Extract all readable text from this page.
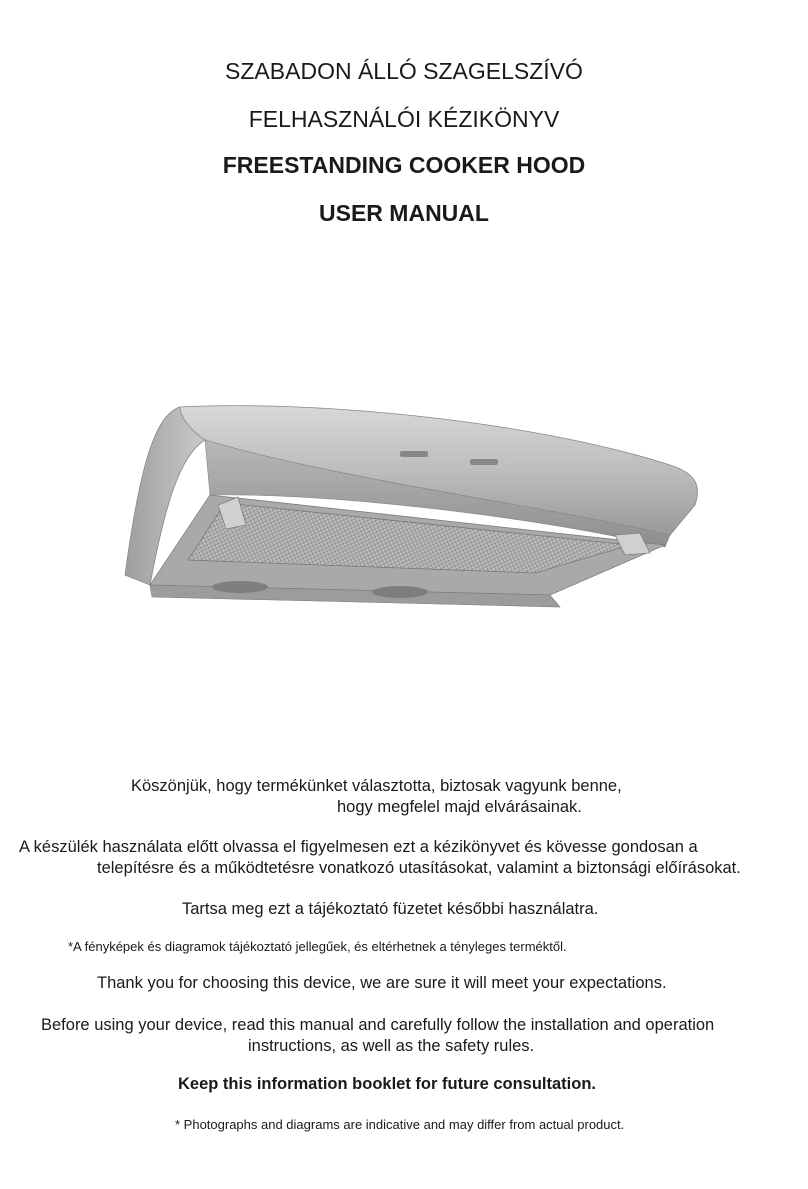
SZABADON ÁLLÓ SZAGELSZÍVÓ
FELHASZNÁLÓI KÉZIKÖNYV
FREESTANDING COOKER HOOD
USER MANUAL
Köszönjük, hogy termékünket választotta, biztosak vagyunk benne,
hogy megfelel majd elvárásainak.
A készülék használata előtt olvassa el figyelmesen ezt a kézikönyvet és kövesse gondosan a
telepítésre és a működtetésre vonatkozó utasításokat, valamint a biztonsági előírásokat.
Tartsa meg ezt a tájékoztató füzetet későbbi használatra.
*A fényképek és diagramok tájékoztató jellegűek, és eltérhetnek a tényleges terméktől.
Thank you for choosing this device, we are sure it will meet your expectations.
Before using your device, read this manual and carefully follow the installation and operation
instructions, as well as the safety rules.
Keep this information booklet for future consultation.
* Photographs and diagrams are indicative and may differ from actual product.
